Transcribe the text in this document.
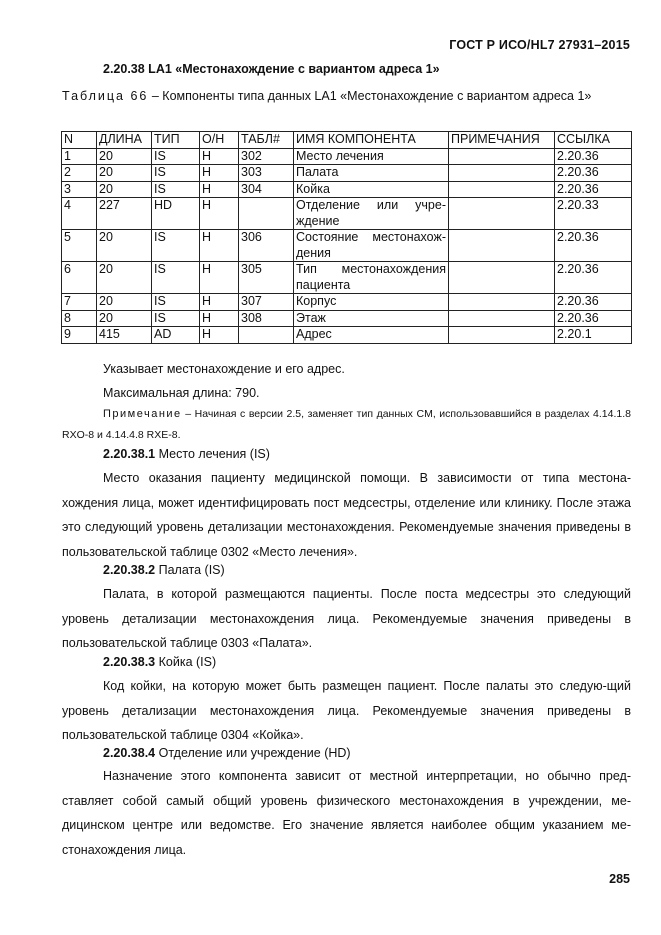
ГОСТ Р ИСО/HL7 27931–2015
2.20.38 LA1 «Местонахождение с вариантом адреса 1»
Таблица 66 – Компоненты типа данных LA1 «Местонахождение с вариантом адреса 1»
N	ДЛИНА	ТИП	О/Н	ТАБЛ#	ИМЯ КОМПОНЕНТА	ПРИМЕЧАНИЯ	ССЫЛКА
1	20	IS	Н	302	Место лечения		2.20.36
2	20	IS	Н	303	Палата		2.20.36
3	20	IS	Н	304	Койка		2.20.36
4	227	HD	Н		Отделение или учре-ждение		2.20.33
5	20	IS	Н	306	Состояние местонахож-дения		2.20.36
6	20	IS	Н	305	Тип местонахождения пациента		2.20.36
7	20	IS	Н	307	Корпус		2.20.36
8	20	IS	Н	308	Этаж		2.20.36
9	415	AD	Н		Адрес		2.20.1
Указывает местонахождение и его адрес.
Максимальная длина: 790.
Примечание – Начиная с версии 2.5, заменяет тип данных CM, использовавшийся в разделах 4.14.1.8 RXO-8 и 4.14.4.8 RXE-8.
2.20.38.1 Место лечения (IS)
Место оказания пациенту медицинской помощи. В зависимости от типа местона-хождения лица, может идентифицировать пост медсестры, отделение или клинику. После этажа это следующий уровень детализации местонахождения. Рекомендуемые значения приведены в пользовательской таблице 0302 «Место лечения».
2.20.38.2 Палата (IS)
Палата, в которой размещаются пациенты. После поста медсестры это следующий уровень детализации местонахождения лица. Рекомендуемые значения приведены в пользовательской таблице 0303 «Палата».
2.20.38.3 Койка (IS)
Код койки, на которую может быть размещен пациент. После палаты это следую-щий уровень детализации местонахождения лица. Рекомендуемые значения приведены в пользовательской таблице 0304 «Койка».
2.20.38.4 Отделение или учреждение (HD)
Назначение этого компонента зависит от местной интерпретации, но обычно пред-ставляет собой самый общий уровень физического местонахождения в учреждении, ме-дицинском центре или ведомстве. Его значение является наиболее общим указанием ме-стонахождения лица.
285
